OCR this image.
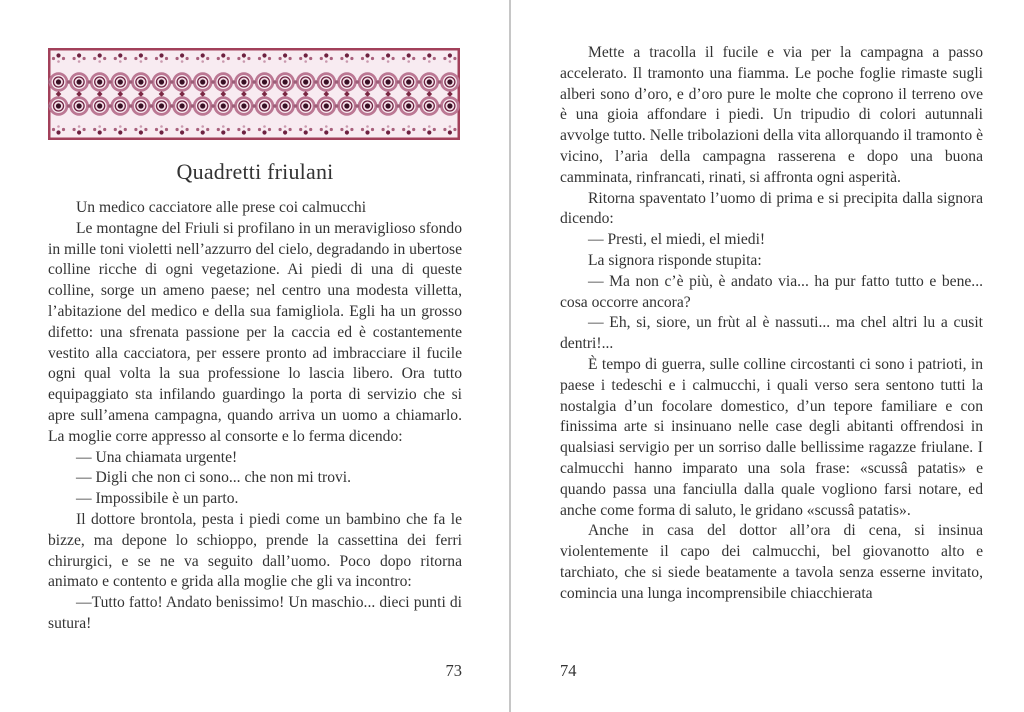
Quadretti friulani

Un medico cacciatore alle prese coi calmucchi

Le montagne del Friuli si profilano in un meraviglioso sfondo in mille toni violetti nell’azzurro del cielo, degradando in ubertose colline ricche di ogni vegetazione. Ai piedi di una di queste colline, sorge un ameno paese; nel centro una modesta villetta, l’abitazione del medico e della sua famigliola. Egli ha un grosso difetto: una sfrenata passione per la caccia ed è costantemente vestito alla cacciatora, per essere pronto ad imbracciare il fucile ogni qual volta la sua professione lo lascia libero. Ora tutto equipaggiato sta infilando guardingo la porta di servizio che si apre sull’amena campagna, quando arriva un uomo a chiamarlo. La moglie corre appresso al consorte e lo ferma dicendo:

— Una chiamata urgente!

— Digli che non ci sono... che non mi trovi.

— Impossibile è un parto.

Il dottore brontola, pesta i piedi come un bambino che fa le bizze, ma depone lo schioppo, prende la cassettina dei ferri chirurgici, e se ne va seguito dall’uomo. Poco dopo ritorna animato e contento e grida alla moglie che gli va incontro:

—Tutto fatto! Andato benissimo! Un maschio... dieci punti di sutura!

73

Mette a tracolla il fucile e via per la campagna a passo accelerato. Il tramonto una fiamma. Le poche foglie rimaste sugli alberi sono d’oro, e d’oro pure le molte che coprono il terreno ove è una gioia affondare i piedi. Un tripudio di colori autunnali avvolge tutto. Nelle tribolazioni della vita allorquando il tramonto è vicino, l’aria della campagna rasserena e dopo una buona camminata, rinfrancati, rinati, si affronta ogni asperità.

Ritorna spaventato l’uomo di prima e si precipita dalla signora dicendo:

— Presti, el miedi, el miedi!

La signora risponde stupita:

— Ma non c’è più, è andato via... ha pur fatto tutto e bene... cosa occorre ancora?

— Eh, si, siore, un frùt al è nassuti... ma chel altri lu a cusit dentri!...

È tempo di guerra, sulle colline circostanti ci sono i patrioti, in paese i tedeschi e i calmucchi, i quali verso sera sentono tutti la nostalgia d’un focolare domestico, d’un tepore familiare e con finissima arte si insinuano nelle case degli abitanti offrendosi in qualsiasi servigio per un sorriso dalle bellissime ragazze friulane. I calmucchi hanno imparato una sola frase: «scussâ patatis» e quando passa una fanciulla dalla quale vogliono farsi notare, ed anche come forma di saluto, le gridano «scussâ patatis».

Anche in casa del dottor all’ora di cena, si insinua violentemente il capo dei calmucchi, bel giovanotto alto e tarchiato, che si siede beatamente a tavola senza esserne invitato, comincia una lunga incomprensibile chiacchierata

74
